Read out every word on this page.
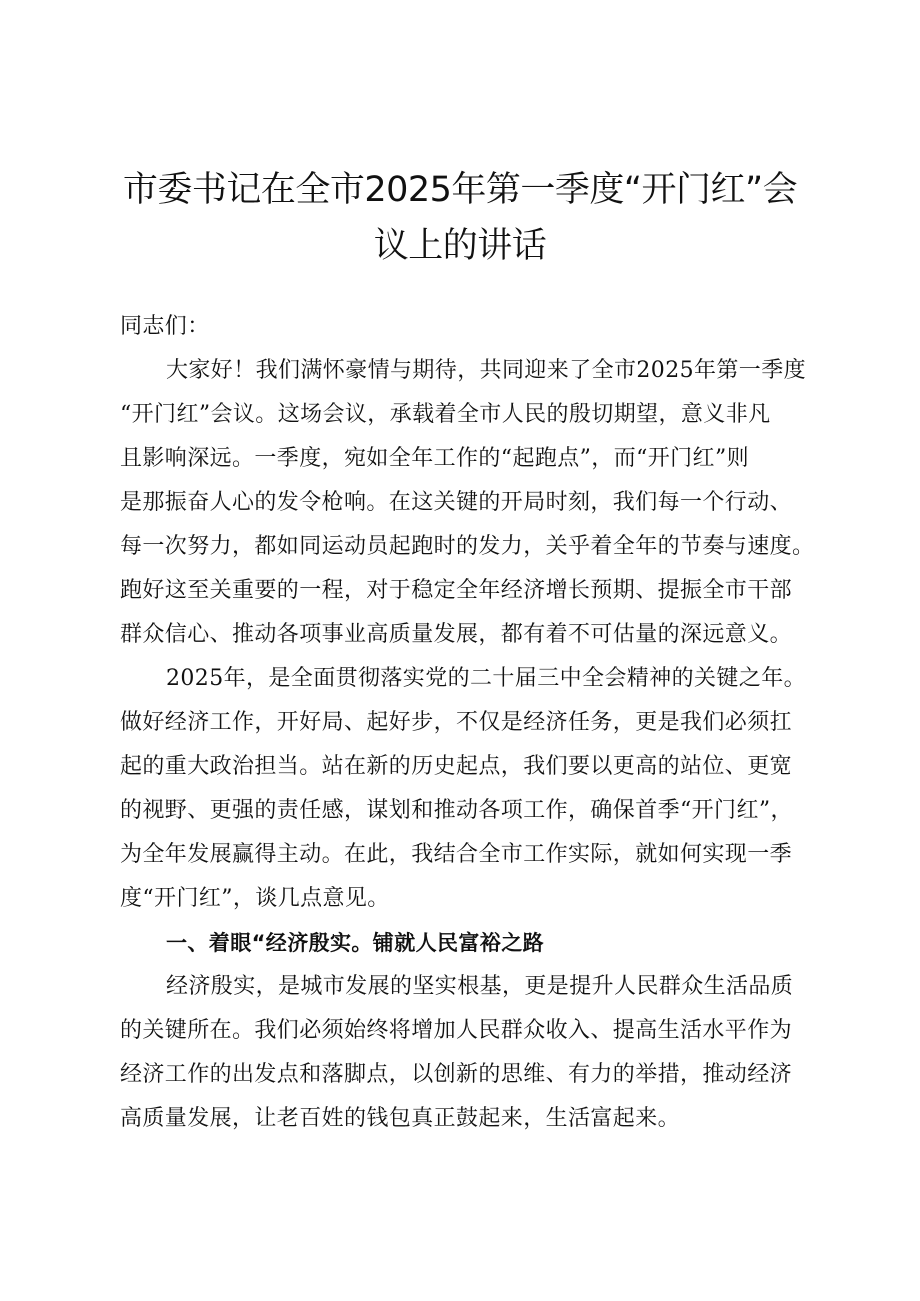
市委书记在全市2025年第一季度“开门红”会
议上的讲话
同志们：
大家好！我们满怀豪情与期待，共同迎来了全市2025年第一季度
“开门红”会议。这场会议，承载着全市人民的殷切期望，意义非凡
且影响深远。一季度，宛如全年工作的“起跑点”，而“开门红”则
是那振奋人心的发令枪响。在这关键的开局时刻，我们每一个行动、
每一次努力，都如同运动员起跑时的发力，关乎着全年的节奏与速度。
跑好这至关重要的一程，对于稳定全年经济增长预期、提振全市干部
群众信心、推动各项事业高质量发展，都有着不可估量的深远意义。
2025年，是全面贯彻落实党的二十届三中全会精神的关键之年。
做好经济工作，开好局、起好步，不仅是经济任务，更是我们必须扛
起的重大政治担当。站在新的历史起点，我们要以更高的站位、更宽
的视野、更强的责任感，谋划和推动各项工作，确保首季“开门红”，
为全年发展赢得主动。在此，我结合全市工作实际，就如何实现一季
度“开门红”，谈几点意见。
一、着眼“经济殷实。铺就人民富裕之路
经济殷实，是城市发展的坚实根基，更是提升人民群众生活品质
的关键所在。我们必须始终将增加人民群众收入、提高生活水平作为
经济工作的出发点和落脚点，以创新的思维、有力的举措，推动经济
高质量发展，让老百姓的钱包真正鼓起来，生活富起来。
